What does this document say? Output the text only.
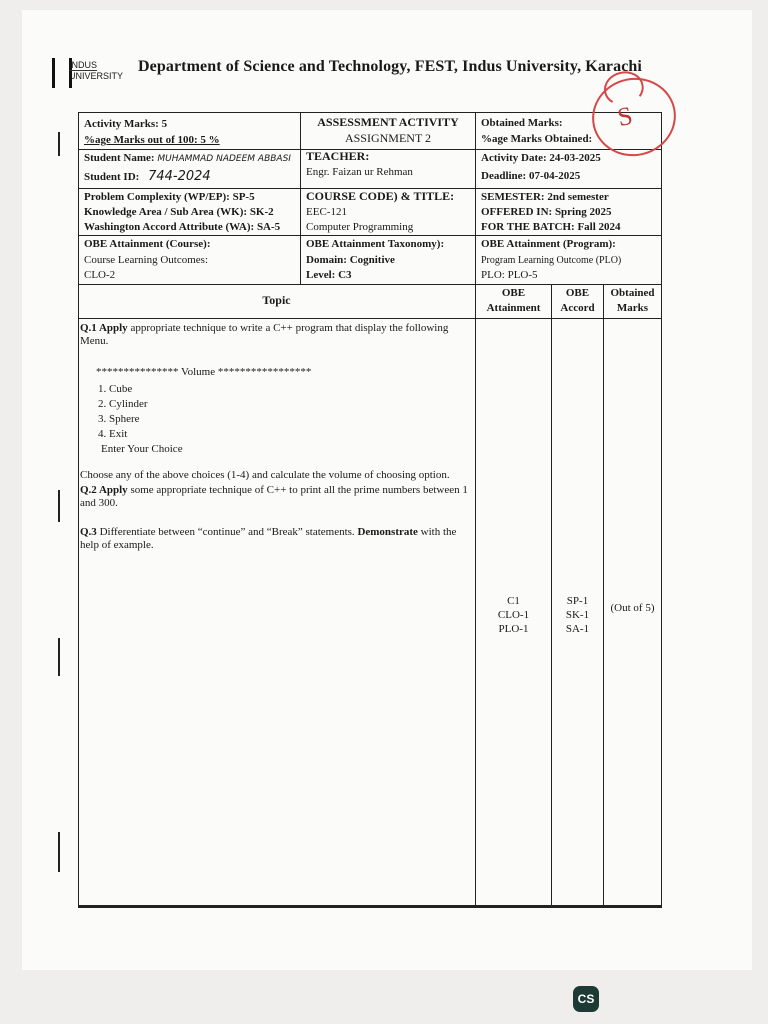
INDUS
UNIVERSITY
Department of Science and Technology, FEST, Indus University, Karachi
Activity Marks: 5
%age Marks out of 100: 5 %
ASSESSMENT ACTIVITY
ASSIGNMENT 2
Obtained Marks:
%age Marks Obtained:
Student Name: MUHAMMAD NADEEM ABBASI
Student ID: 744-2024
TEACHER:
Engr. Faizan ur Rehman
Activity Date: 24-03-2025
Deadline: 07-04-2025
Problem Complexity (WP/EP): SP-5
Knowledge Area / Sub Area (WK): SK-2
Washington Accord Attribute (WA): SA-5
COURSE CODE) & TITLE:
EEC-121
Computer Programming
SEMESTER: 2nd semester
OFFERED IN: Spring 2025
FOR THE BATCH: Fall 2024
OBE Attainment (Course):
Course Learning Outcomes:
CLO-2
OBE Attainment Taxonomy):
Domain: Cognitive
Level: C3
OBE Attainment (Program):
Program Learning Outcome (PLO)
PLO: PLO-5
Topic	OBE Attainment
OBE Accord
Obtained Marks
Q.1 Apply appropriate technique to write a C++ program that display the following Menu.
*************** Volume *****************
1. Cube
2. Cylinder
3. Sphere
4. Exit
Enter Your Choice
Choose any of the above choices (1-4) and calculate the volume of choosing option.
Q.2 Apply some appropriate technique of C++ to print all the prime numbers between 1 and 300.
Q.3 Differentiate between “continue” and “Break” statements. Demonstrate with the help of example.
C1
CLO-1
PLO-1
SP-1
SK-1
SA-1
(Out of 5)
S
CS
